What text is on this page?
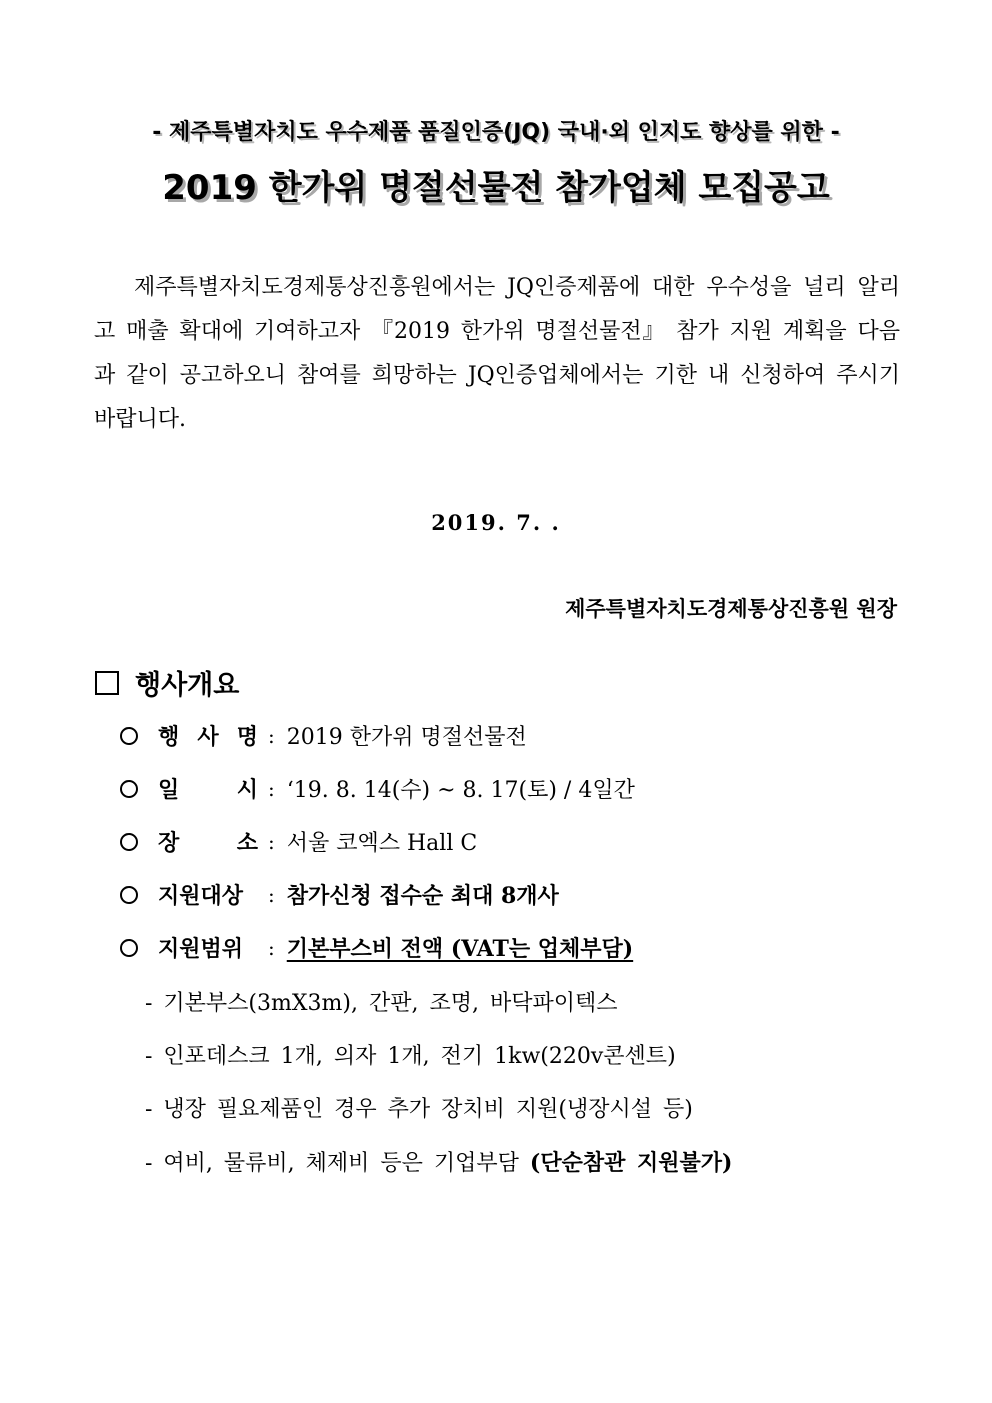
- 제주특별자치도 우수제품 품질인증(JQ) 국내·외 인지도 향상를 위한 -
2019 한가위 명절선물전 참가업체 모집공고
제주특별자치도경제통상진흥원에서는 JQ인증제품에 대한 우수성을 널리 알리고 매출 확대에 기여하고자 『2019 한가위 명절선물전』 참가 지원 계획을 다음과 같이 공고하오니 참여를 희망하는 JQ인증업체에서는 기한 내 신청하여 주시기 바랍니다.
2019. 7. .
제주특별자치도경제통상진흥원 원장
행사개요
행 사 명 : 2019 한가위 명절선물전
일 시 : ‘19. 8. 14(수) ~ 8. 17(토) / 4일간
장 소 : 서울 코엑스 Hall C
지원대상	: 참가신청 접수순 최대 8개사
지원범위	: 기본부스비 전액 (VAT는 업체부담)
- 기본부스(3mX3m), 간판, 조명, 바닥파이텍스
- 인포데스크 1개, 의자 1개, 전기 1kw(220v콘센트)
- 냉장 필요제품인 경우 추가 장치비 지원(냉장시설 등)
- 여비, 물류비, 체제비 등은 기업부담 (단순참관 지원불가)
